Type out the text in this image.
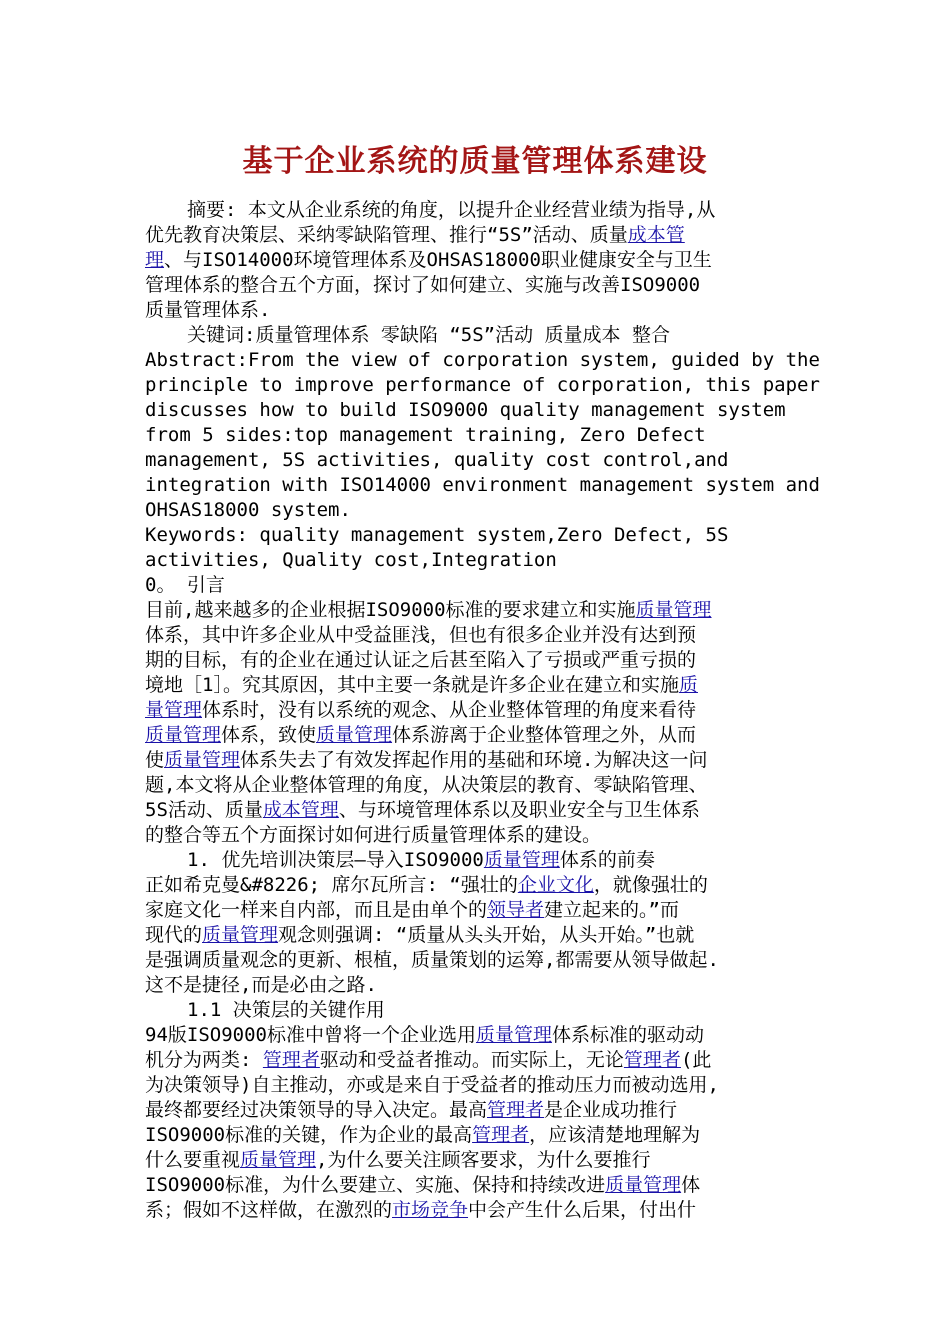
基于企业系统的质量管理体系建设

摘要: 本文从企业系统的角度，以提升企业经营业绩为指导,从

优先教育决策层、采纳零缺陷管理、推行“5S”活动、质量成本管

理、与ISO14000环境管理体系及OHSAS18000职业健康安全与卫生

管理体系的整合五个方面，探讨了如何建立、实施与改善ISO9000

质量管理体系.

关键词:质量管理体系 零缺陷 “5S”活动 质量成本 整合

Abstract:From the view of corporation system, guided by the

principle to improve performance of corporation, this paper

discusses how to build ISO9000 quality management system

from 5 sides:top management training, Zero Defect

management, 5S activities, quality cost control,and

integration with ISO14000 environment management system and

OHSAS18000 system.

Keywords: quality management system,Zero Defect, 5S

activities, Quality cost,Integration

0。 引言

目前,越来越多的企业根据ISO9000标准的要求建立和实施质量管理

体系，其中许多企业从中受益匪浅，但也有很多企业并没有达到预

期的目标，有的企业在通过认证之后甚至陷入了亏损或严重亏损的

境地［1］。究其原因，其中主要一条就是许多企业在建立和实施质

量管理体系时，没有以系统的观念、从企业整体管理的角度来看待

质量管理体系，致使质量管理体系游离于企业整体管理之外，从而

使质量管理体系失去了有效发挥起作用的基础和环境.为解决这一问

题,本文将从企业整体管理的角度，从决策层的教育、零缺陷管理、

5S活动、质量成本管理、与环境管理体系以及职业安全与卫生体系

的整合等五个方面探讨如何进行质量管理体系的建设。

1. 优先培训决策层—导入ISO9000质量管理体系的前奏

正如希克曼&#8226; 席尔瓦所言: “强壮的企业文化，就像强壮的

家庭文化一样来自内部，而且是由单个的领导者建立起来的。”而

现代的质量管理观念则强调: “质量从头头开始，从头开始。”也就

是强调质量观念的更新、根植，质量策划的运筹,都需要从领导做起.

这不是捷径,而是必由之路.

1.1 决策层的关键作用

94版ISO9000标准中曾将一个企业选用质量管理体系标准的驱动动

机分为两类: 管理者驱动和受益者推动。而实际上，无论管理者(此

为决策领导)自主推动，亦或是来自于受益者的推动压力而被动选用,

最终都要经过决策领导的导入决定。最高管理者是企业成功推行

ISO9000标准的关键，作为企业的最高管理者，应该清楚地理解为

什么要重视质量管理,为什么要关注顾客要求，为什么要推行

ISO9000标准，为什么要建立、实施、保持和持续改进质量管理体

系；假如不这样做，在激烈的市场竞争中会产生什么后果，付出什
